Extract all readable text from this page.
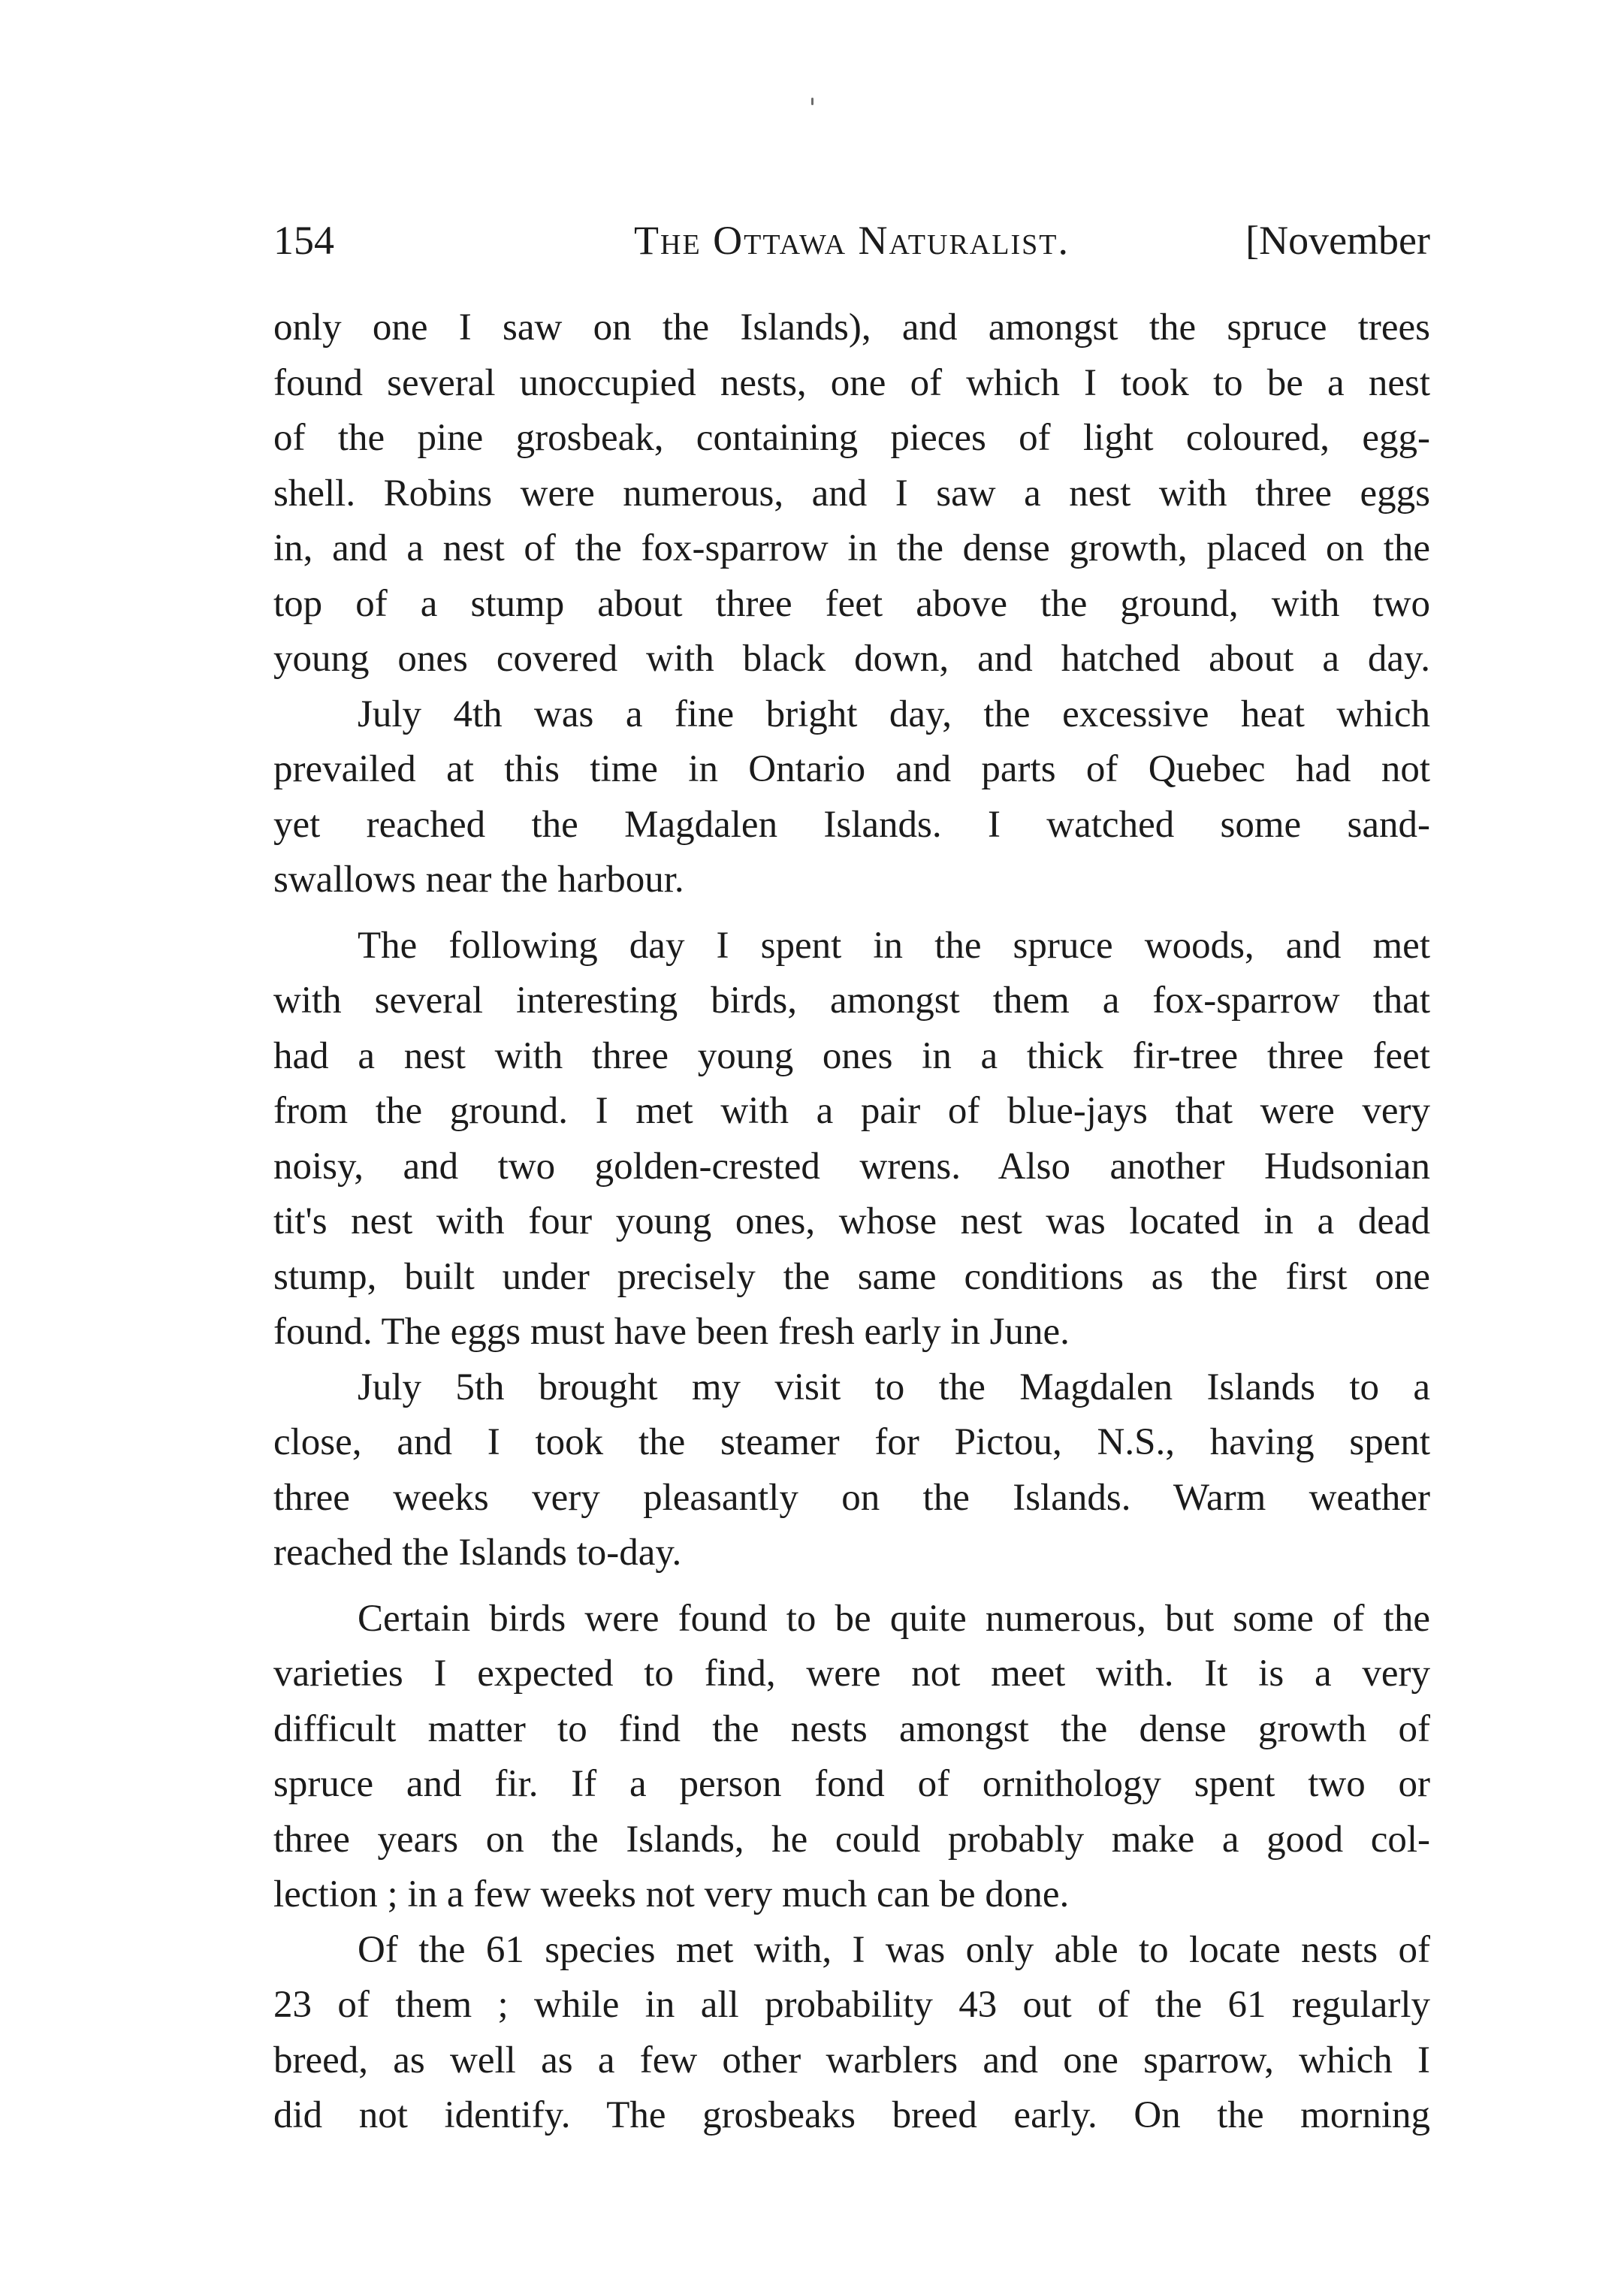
154	The Ottawa Naturalist.	[November

only one I saw on the Islands), and amongst the spruce trees
found several unoccupied nests, one of which I took to be a nest
of the pine grosbeak, containing pieces of light coloured, egg-
shell. Robins were numerous, and I saw a nest with three eggs
in, and a nest of the fox-sparrow in the dense growth, placed on the
top of a stump about three feet above the ground, with two
young ones covered with black down, and hatched about a day.

July 4th was a fine bright day, the excessive heat which
prevailed at this time in Ontario and parts of Quebec had not
yet reached the Magdalen Islands. I watched some sand-
swallows near the harbour.

The following day I spent in the spruce woods, and met
with several interesting birds, amongst them a fox-sparrow that
had a nest with three young ones in a thick fir-tree three feet
from the ground. I met with a pair of blue-jays that were very
noisy, and two golden-crested wrens. Also another Hudsonian
tit's nest with four young ones, whose nest was located in a dead
stump, built under precisely the same conditions as the first one
found. The eggs must have been fresh early in June.

July 5th brought my visit to the Magdalen Islands to a
close, and I took the steamer for Pictou, N.S., having spent
three weeks very pleasantly on the Islands. Warm weather
reached the Islands to-day.

Certain birds were found to be quite numerous, but some of the
varieties I expected to find, were not meet with. It is a very
difficult matter to find the nests amongst the dense growth of
spruce and fir. If a person fond of ornithology spent two or
three years on the Islands, he could probably make a good col-
lection ; in a few weeks not very much can be done.

Of the 61 species met with, I was only able to locate nests of
23 of them ; while in all probability 43 out of the 61 regularly
breed, as well as a few other warblers and one sparrow, which I
did not identify. The grosbeaks breed early. On the morning
